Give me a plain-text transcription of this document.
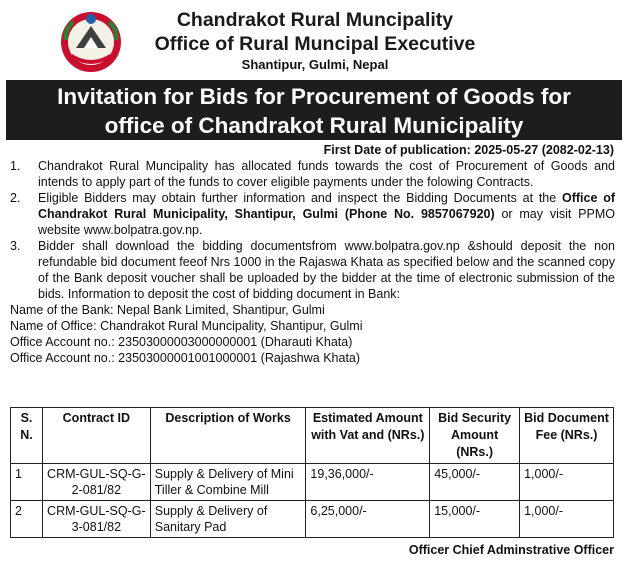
Chandrakot Rural Muncipality
Office of Rural Muncipal Executive
Shantipur, Gulmi, Nepal
Invitation for Bids for Procurement of Goods for
office of Chandrakot Rural Municipality
First Date of publication: 2025-05-27 (2082-02-13)
1.	Chandrakot Rural Muncipality has allocated funds towards the cost of Procurement of Goods and intends to apply part of the funds to cover eligible payments under the folowing Contracts.
2.	Eligible Bidders may obtain further information and inspect the Bidding Documents at the Office of Chandrakot Rural Municipality, Shantipur, Gulmi (Phone No. 9857067920) or may visit PPMO website www.bolpatra.gov.np.
3.	Bidder shall download the bidding documentsfrom www.bolpatra.gov.np &should deposit the non refundable bid document feeof Nrs 1000 in the Rajaswa Khata as specified below and the scanned copy of the Bank deposit voucher shall be uploaded by the bidder at the time of electronic submission of the bids. Information to deposit the cost of bidding document in Bank:
Name of the Bank: Nepal Bank Limited, Shantipur, Gulmi
Name of Office: Chandrakot Rural Muncipality, Shantipur, Gulmi
Office Account no.: 23503000003000000001 (Dharauti Khata)
Office Account no.: 23503000001001000001 (Rajashwa Khata)
S. N.	Contract ID	Description of Works	Estimated Amount with Vat and (NRs.)	Bid Security Amount (NRs.)	Bid Document Fee (NRs.)
1	CRM-GUL-SQ-G-2-081/82	Supply & Delivery of Mini Tiller & Combine Mill	19,36,000/-	45,000/-	1,000/-
2	CRM-GUL-SQ-G-3-081/82	Supply & Delivery of Sanitary Pad	6,25,000/-	15,000/-	1,000/-
Officer Chief Adminstrative Officer
